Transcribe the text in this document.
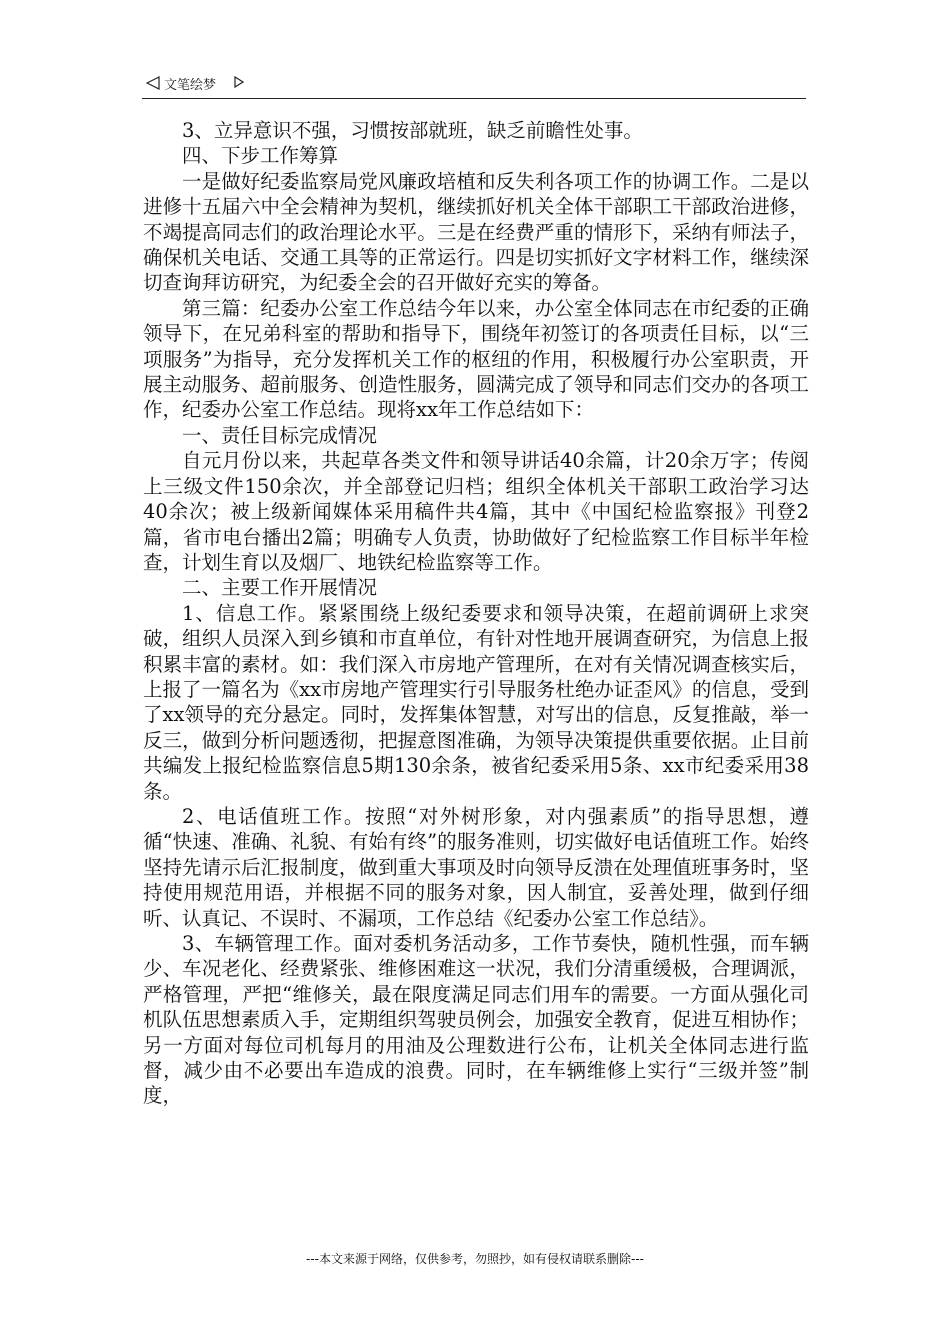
文笔绘梦

3、立异意识不强，习惯按部就班，缺乏前瞻性处事。

四、下步工作筹算

一是做好纪委监察局党风廉政培植和反失利各项工作的协调工作。二是以进修十五届六中全会精神为契机，继续抓好机关全体干部职工干部政治进修，不竭提高同志们的政治理论水平。三是在经费严重的情形下，采纳有师法子，确保机关电话、交通工具等的正常运行。四是切实抓好文字材料工作，继续深切查询拜访研究，为纪委全会的召开做好充实的筹备。

第三篇：纪委办公室工作总结今年以来，办公室全体同志在市纪委的正确领导下，在兄弟科室的帮助和指导下，围绕年初签订的各项责任目标，以“三项服务”为指导，充分发挥机关工作的枢纽的作用，积极履行办公室职责，开展主动服务、超前服务、创造性服务，圆满完成了领导和同志们交办的各项工作，纪委办公室工作总结。现将xx年工作总结如下：

一、责任目标完成情况

自元月份以来，共起草各类文件和领导讲话40余篇，计20余万字；传阅上三级文件150余次，并全部登记归档；组织全体机关干部职工政治学习达40余次；被上级新闻媒体采用稿件共4篇，其中《中国纪检监察报》刊登2篇，省市电台播出2篇；明确专人负责，协助做好了纪检监察工作目标半年检查，计划生育以及烟厂、地铁纪检监察等工作。

二、主要工作开展情况

1、信息工作。紧紧围绕上级纪委要求和领导决策，在超前调研上求突破，组织人员深入到乡镇和市直单位，有针对性地开展调查研究，为信息上报积累丰富的素材。如：我们深入市房地产管理所，在对有关情况调查核实后，上报了一篇名为《xx市房地产管理实行引导服务杜绝办证歪风》的信息，受到了xx领导的充分悬定。同时，发挥集体智慧，对写出的信息，反复推敲，举一反三，做到分析问题透彻，把握意图准确，为领导决策提供重要依据。止目前共编发上报纪检监察信息5期130余条，被省纪委采用5条、xx市纪委采用38条。

2、电话值班工作。按照“对外树形象，对内强素质”的指导思想，遵循“快速、准确、礼貌、有始有终”的服务准则，切实做好电话值班工作。始终坚持先请示后汇报制度，做到重大事项及时向领导反溃在处理值班事务时，坚持使用规范用语，并根据不同的服务对象，因人制宜，妥善处理，做到仔细听、认真记、不误时、不漏项，工作总结《纪委办公室工作总结》。

3、车辆管理工作。面对委机务活动多，工作节奏快，随机性强，而车辆少、车况老化、经费紧张、维修困难这一状况，我们分清重缓极，合理调派，严格管理，严把“维修关，最在限度满足同志们用车的需要。一方面从强化司机队伍思想素质入手，定期组织驾驶员例会，加强安全教育，促进互相协作；另一方面对每位司机每月的用油及公理数进行公布，让机关全体同志进行监督，减少由不必要出车造成的浪费。同时，在车辆维修上实行“三级并签”制度，

---本文来源于网络，仅供参考，勿照抄，如有侵权请联系删除---
